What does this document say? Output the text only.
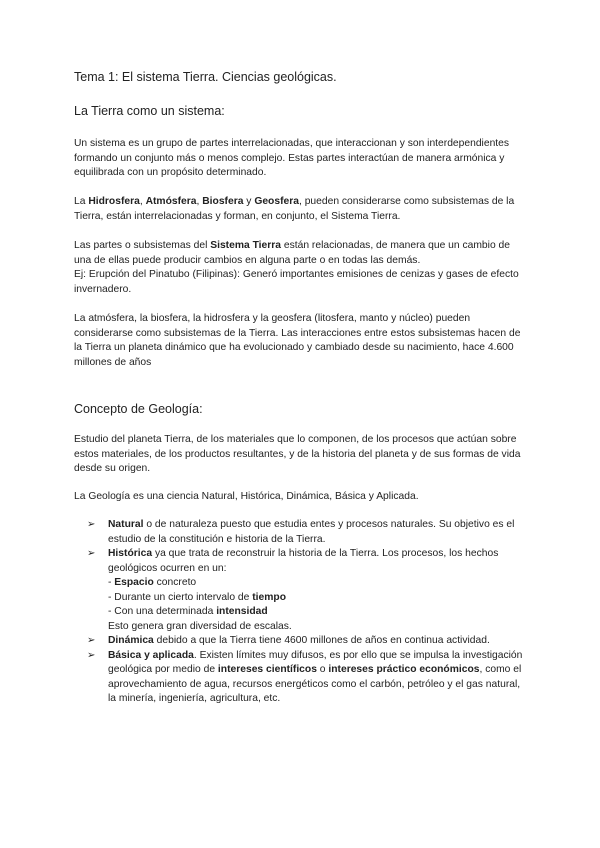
Tema 1: El sistema Tierra. Ciencias geológicas.
La Tierra como un sistema:
Un sistema es un grupo de partes interrelacionadas, que interaccionan y son interdependientes formando un conjunto más o menos complejo. Estas partes interactúan de manera armónica y equilibrada con un propósito determinado.
La Hidrosfera, Atmósfera, Biosfera y Geosfera, pueden considerarse como subsistemas de la Tierra, están interrelacionadas y forman, en conjunto, el Sistema Tierra.
Las partes o subsistemas del Sistema Tierra están relacionadas, de manera que un cambio de una de ellas puede producir cambios en alguna parte o en todas las demás.
Ej: Erupción del Pinatubo (Filipinas): Generó importantes emisiones de cenizas y gases de efecto invernadero.
La atmósfera, la biosfera, la hidrosfera y la geosfera (litosfera, manto y núcleo) pueden considerarse como subsistemas de la Tierra. Las interacciones entre estos subsistemas hacen de la Tierra un planeta dinámico que ha evolucionado y cambiado desde su nacimiento, hace 4.600 millones de años
Concepto de Geología:
Estudio del planeta Tierra, de los materiales que lo componen, de los procesos que actúan sobre estos materiales, de los productos resultantes, y de la historia del planeta y de sus formas de vida desde su origen.
La Geología es una ciencia Natural, Histórica, Dinámica, Básica y Aplicada.
➢ Natural o de naturaleza puesto que estudia entes y procesos naturales. Su objetivo es el estudio de la constitución e historia de la Tierra.
➢ Histórica ya que trata de reconstruir la historia de la Tierra. Los procesos, los hechos geológicos ocurren en un:
- Espacio concreto
- Durante un cierto intervalo de tiempo
- Con una determinada intensidad
Esto genera gran diversidad de escalas.
➢ Dinámica debido a que la Tierra tiene 4600 millones de años en continua actividad.
➢ Básica y aplicada. Existen límites muy difusos, es por ello que se impulsa la investigación geológica por medio de intereses científicos o intereses práctico económicos, como el aprovechamiento de agua, recursos energéticos como el carbón, petróleo y el gas natural, la minería, ingeniería, agricultura, etc.
